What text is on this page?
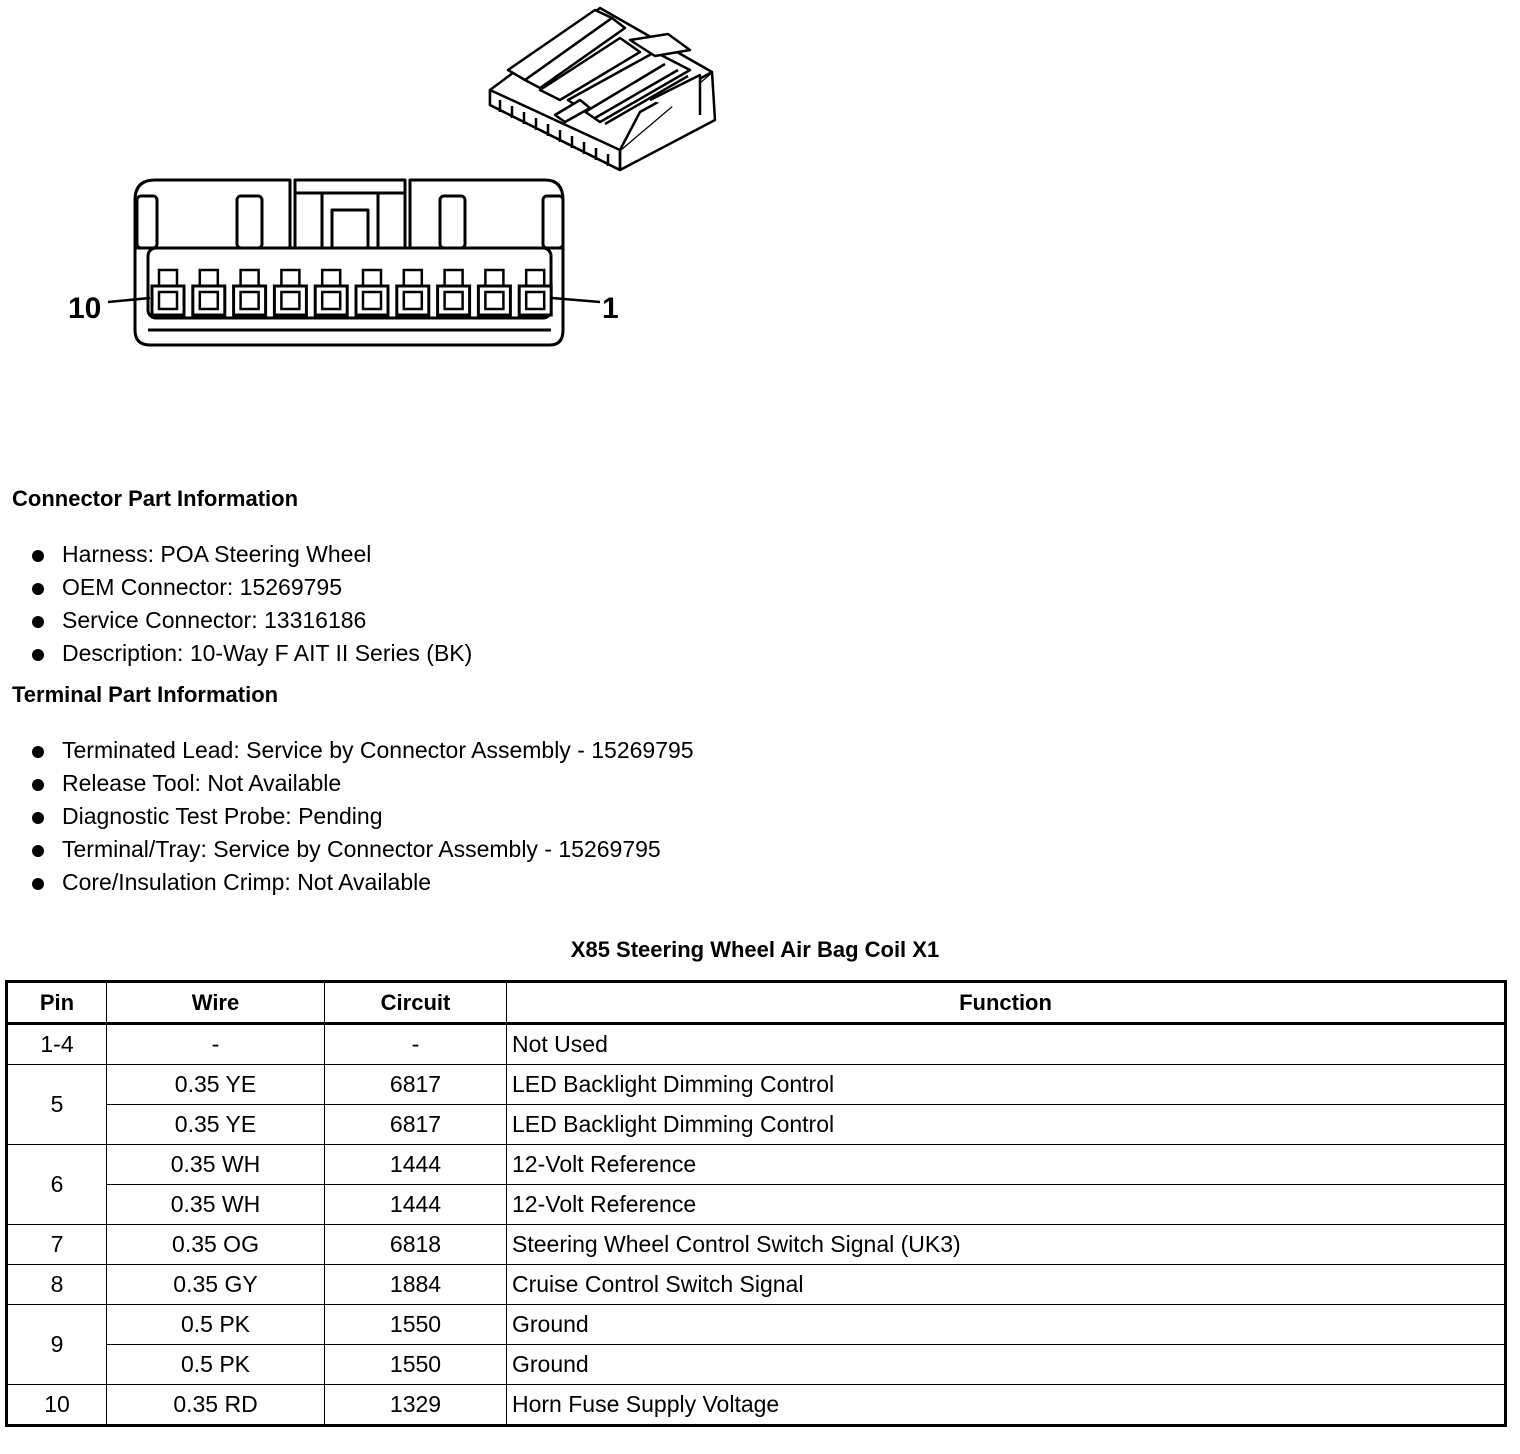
10	1
Connector Part Information
Harness: POA Steering Wheel
OEM Connector: 15269795
Service Connector: 13316186
Description: 10-Way F AIT II Series (BK)
Terminal Part Information
Terminated Lead: Service by Connector Assembly - 15269795
Release Tool: Not Available
Diagnostic Test Probe: Pending
Terminal/Tray: Service by Connector Assembly - 15269795
Core/Insulation Crimp: Not Available
X85 Steering Wheel Air Bag Coil X1
Pin	Wire	Circuit	Function
1-4	-	-	Not Used
5	0.35 YE	6817	LED Backlight Dimming Control
	0.35 YE	6817	LED Backlight Dimming Control
6	0.35 WH	1444	12-Volt Reference
	0.35 WH	1444	12-Volt Reference
7	0.35 OG	6818	Steering Wheel Control Switch Signal (UK3)
8	0.35 GY	1884	Cruise Control Switch Signal
9	0.5 PK	1550	Ground
	0.5 PK	1550	Ground
10	0.35 RD	1329	Horn Fuse Supply Voltage
